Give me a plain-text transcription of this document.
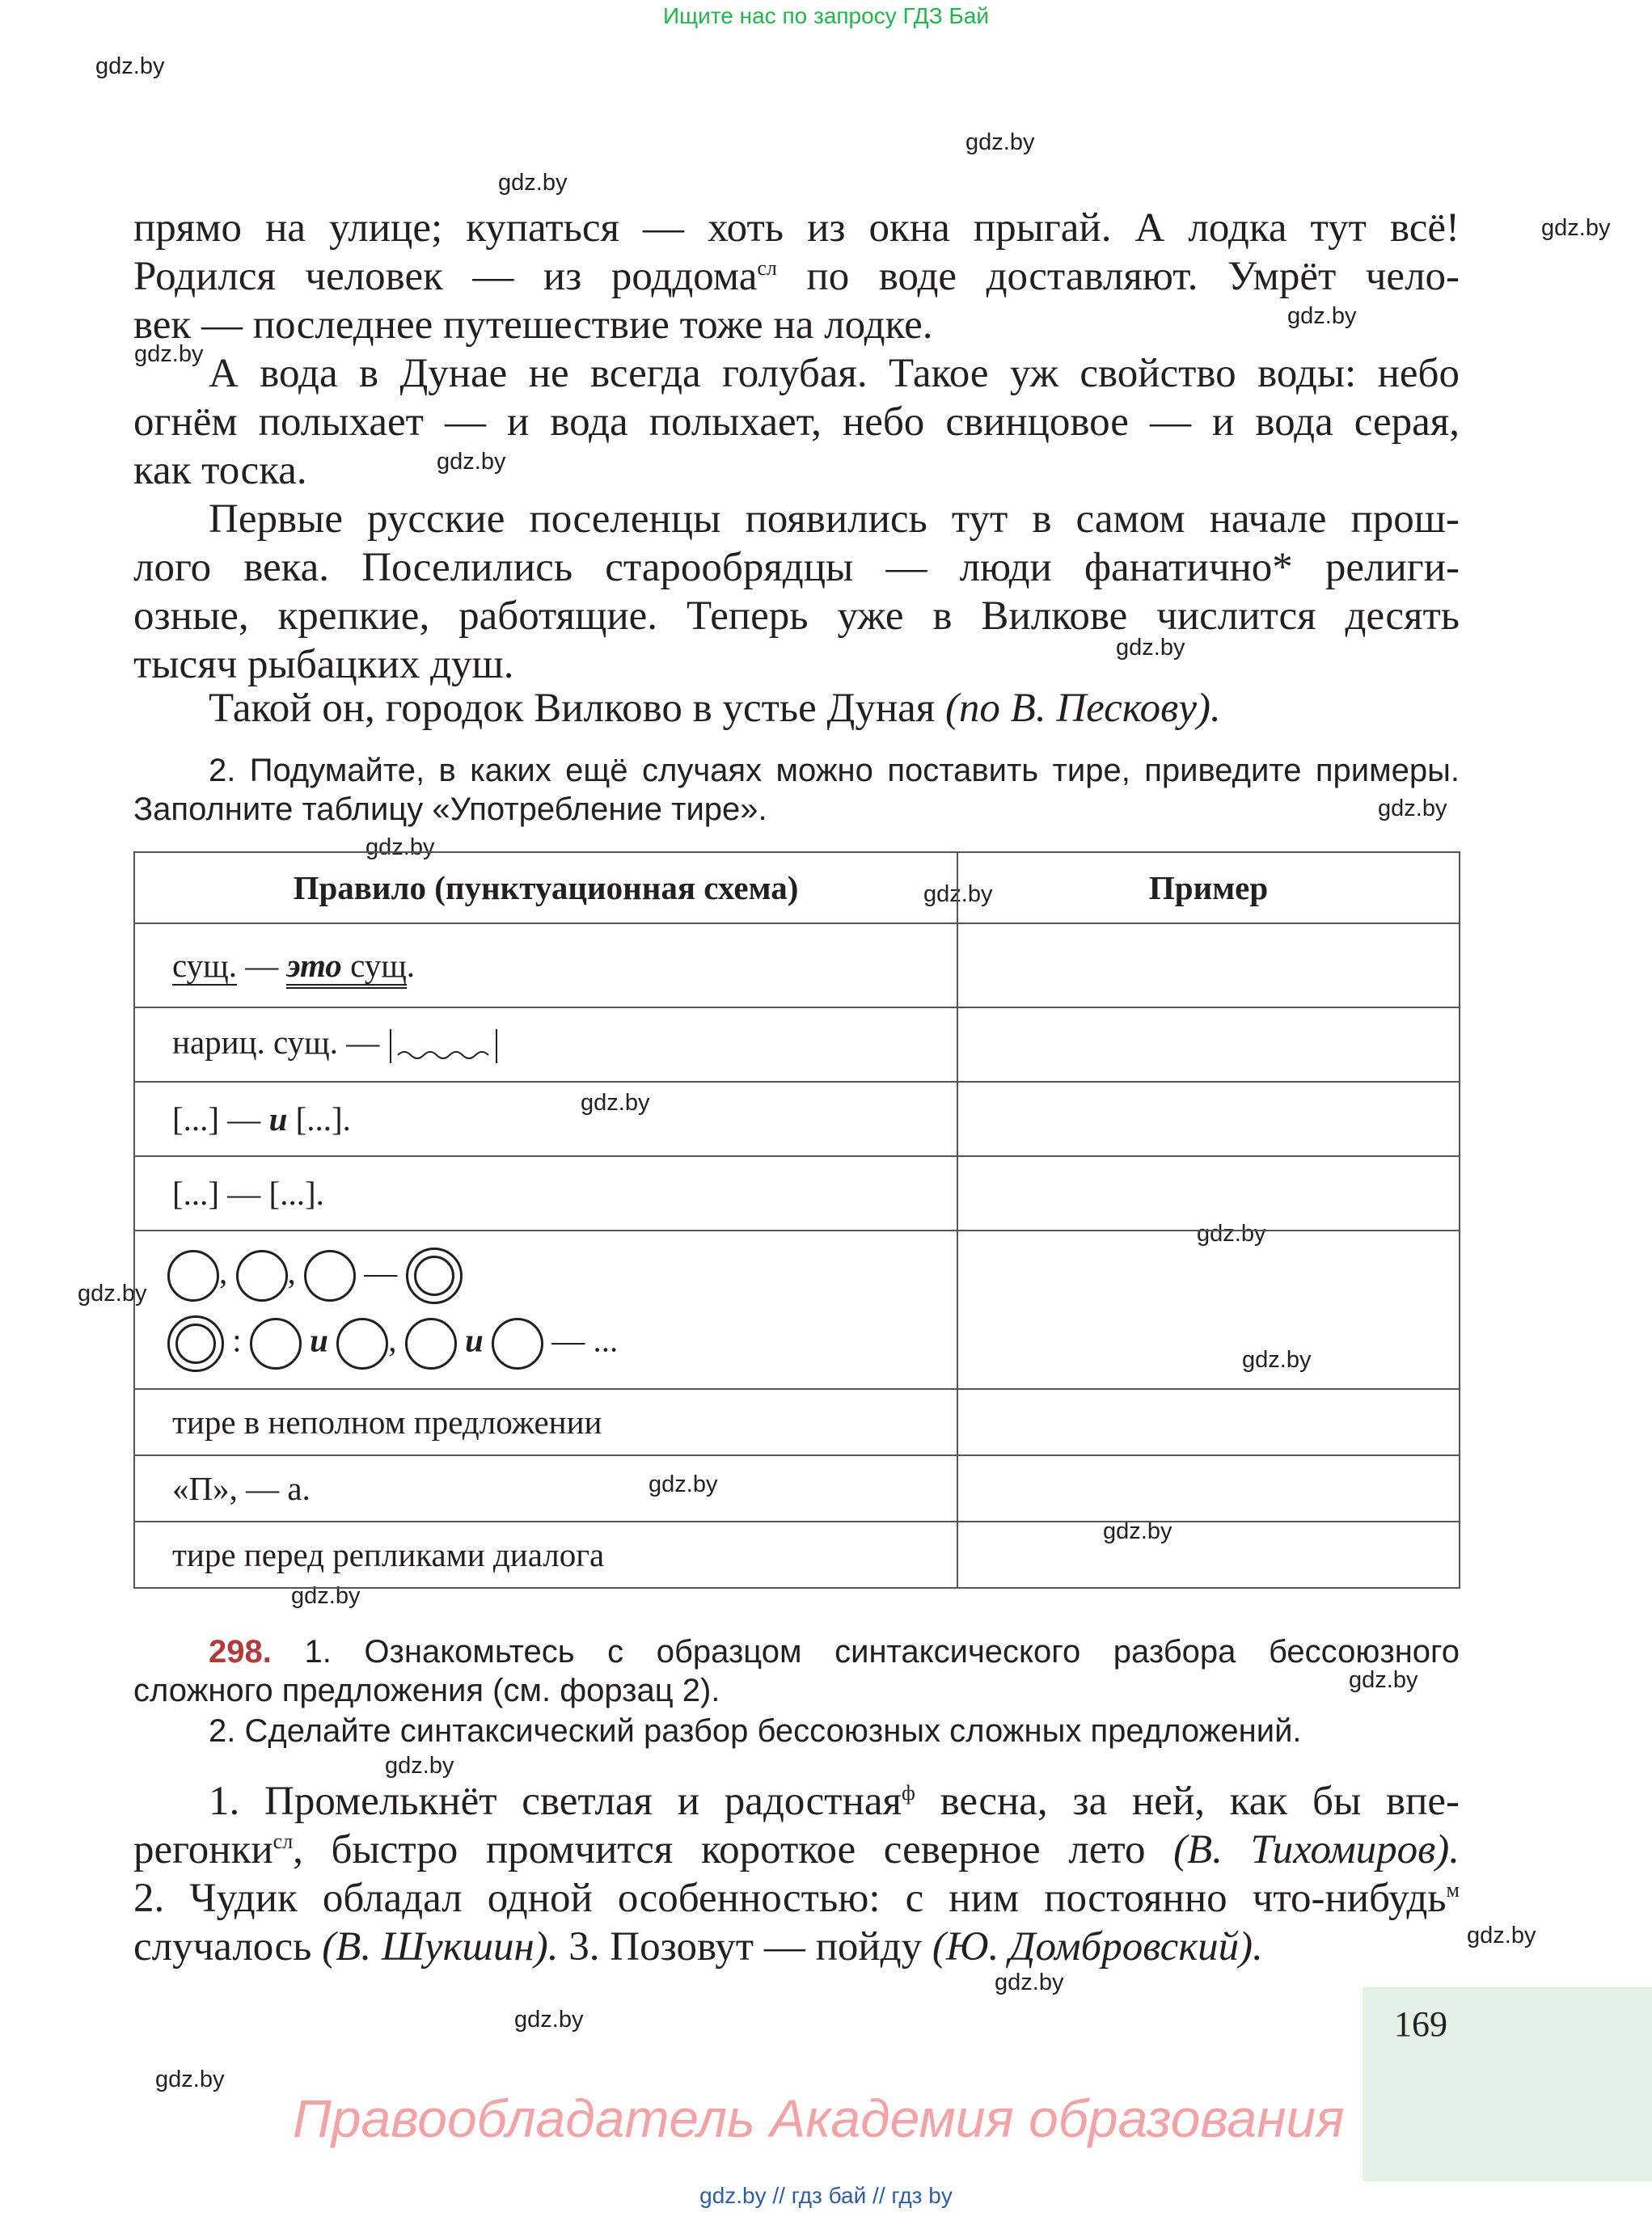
Ищите нас по запросу ГДЗ Бай
gdz.by
gdz.by
gdz.by
gdz.by
gdz.by
gdz.by
gdz.by
gdz.by
gdz.by
gdz.by
gdz.by
gdz.by
gdz.by
gdz.by
gdz.by
gdz.by
gdz.by
gdz.by
gdz.by
gdz.by
gdz.by
gdz.by
gdz.by
gdz.by
прямо на улице; купаться — хоть из окна прыгай. А лодка тут всё!
Родился человек — из роддома$^{сл}$ по воде доставляют. Умрёт чело-
век — последнее путешествие тоже на лодке.
А вода в Дунае не всегда голубая. Такое уж свойство воды: небо
огнём полыхает — и вода полыхает, небо свинцовое — и вода серая,
как тоска.
Первые русские поселенцы появились тут в самом начале прош-
лого века. Поселились старообрядцы — люди фанатично* религи-
озные, крепкие, работящие. Теперь уже в Вилкове числится десять
тысяч рыбацких душ.
Такой он, городок Вилково в устье Дуная (по В. Пескову).
2. Подумайте, в каких ещё случаях можно поставить тире, приведите примеры.
Заполните таблицу «Употребление тире».
Правило (пунктуационная схема)	Пример
сущ. — это сущ.	
нариц. сущ. —	
[...] — и [...].	
[...] — [...].	

, , —
: и , и — ...	

тире в неполном предложении	
«П», — а.	
тире перед репликами диалога	
298. 1. Ознакомьтесь с образцом синтаксического разбора бессоюзного
сложного предложения (см. форзац 2).
2. Сделайте синтаксический разбор бессоюзных сложных предложений.
1. Промелькнёт светлая и радостная$^ф$ весна, за ней, как бы впе-
регонки$^{сл}$, быстро промчится короткое северное лето (В. Тихомиров).
2. Чудик обладал одной особенностью: с ним постоянно что-нибудь$^м$
случалось (В. Шукшин). 3. Позовут — пойду (Ю. Домбровский).
169
Правообладатель Академия образования
gdz.by // гдз бай // гдз by
